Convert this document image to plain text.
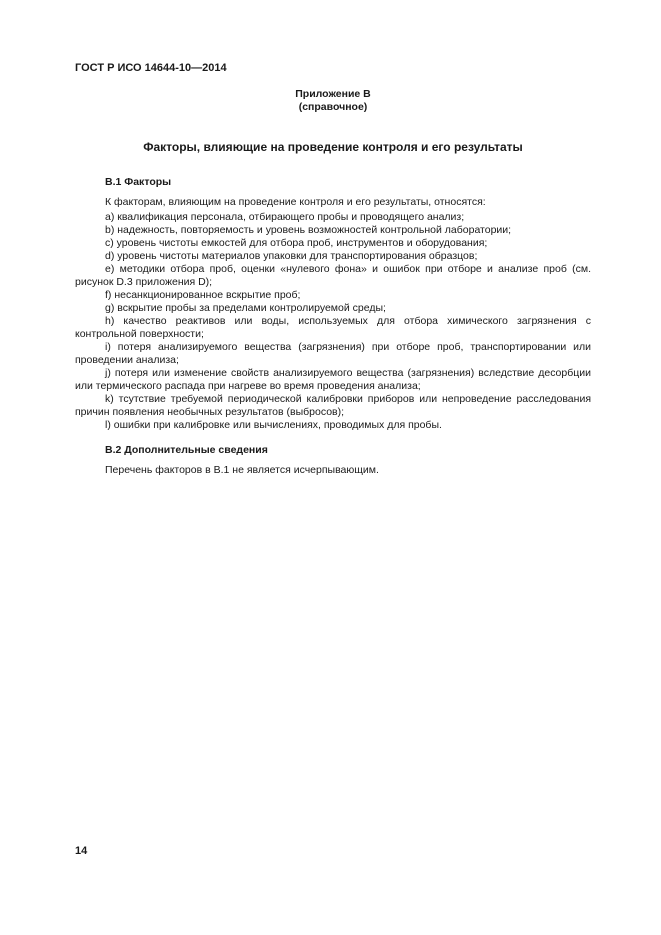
ГОСТ Р ИСО 14644-10—2014

Приложение В
(справочное)
Факторы, влияющие на проведение контроля и его результаты
B.1 Факторы

К факторам, влияющим на проведение контроля и его результаты, относятся:

a) квалификация персонала, отбирающего пробы и проводящего анализ;

b) надежность, повторяемость и уровень возможностей контрольной лаборатории;

c) уровень чистоты емкостей для отбора проб, инструментов и оборудования;

d) уровень чистоты материалов упаковки для транспортирования образцов;

e) методики отбора проб, оценки «нулевого фона» и ошибок при отборе и анализе проб (см. рисунок D.3 приложения D);

f) несанкционированное вскрытие проб;

g) вскрытие пробы за пределами контролируемой среды;

h) качество реактивов или воды, используемых для отбора химического загрязнения с контрольной поверхности;

i) потеря анализируемого вещества (загрязнения) при отборе проб, транспортировании или проведении анализа;

j) потеря или изменение свойств анализируемого вещества (загрязнения) вследствие десорбции или термического распада при нагреве во время проведения анализа;

k) тсутствие требуемой периодической калибровки приборов или непроведение расследования причин появления необычных результатов (выбросов);

l) ошибки при калибровке или вычислениях, проводимых для пробы.

B.2 Дополнительные сведения

Перечень факторов в B.1 не является исчерпывающим.

14
